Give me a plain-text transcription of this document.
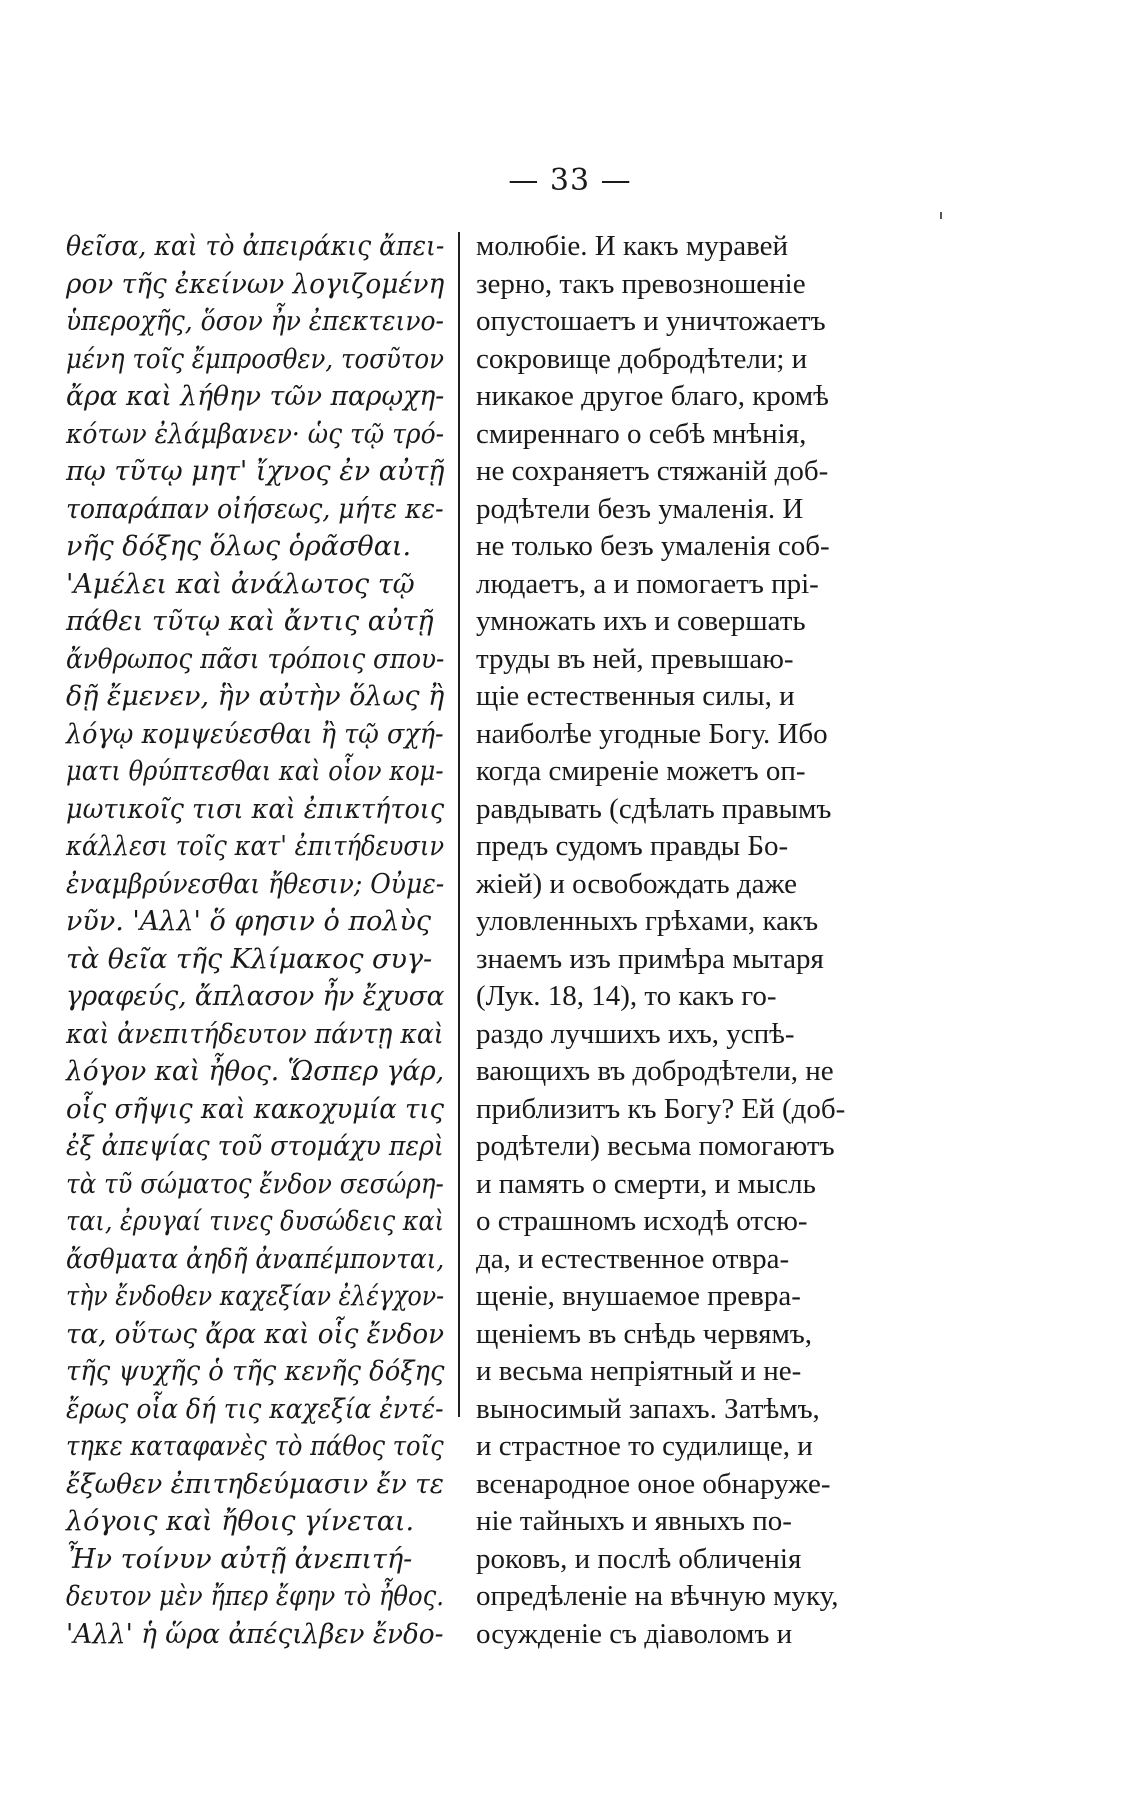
— 33 —
θεῖσα, καὶ τὸ ἀπειράκις ἄπει-
ρον τῆς ἐκείνων λογιζομένη
ὑπεροχῆς, ὅσον ἦν ἐπεκτεινο-
μένη τοῖς ἔμπροσθεν, τοσῦτον
ἄρα καὶ λήθην τῶν παρῳχη-
κότων ἐλάμβανεν· ὡς τῷ τρό-
πῳ τῦτῳ μητ' ἴχνος ἐν αὐτῇ
τοπαράπαν οἰήσεως, μήτε κε-
νῆς δόξης ὅλως ὁρᾶσθαι.
'Αμέλει καὶ ἀνάλωτος τῷ
πάθει τῦτῳ καὶ ἄντις αὐτῇ
ἄνθρωπος πᾶσι τρόποις σπου-
δῇ ἔμενεν, ἣν αὐτὴν ὅλως ἢ
λόγῳ κομψεύεσθαι ἢ τῷ σχή-
ματι θρύπτεσθαι καὶ οἷον κομ-
μωτικοῖς τισι καὶ ἐπικτήτοις
κάλλεσι τοῖς κατ' ἐπιτήδευσιν
ἐναμβρύνεσθαι ἤθεσιν; Οὐμε-
νῦν. 'Αλλ' ὅ φησιν ὁ πολὺς
τὰ θεῖα τῆς Κλίμακος συγ-
γραφεύς, ἄπλασον ἦν ἔχυσα
καὶ ἀνεπιτήδευτον πάντῃ καὶ
λόγον καὶ ἦθος. Ὥσπερ γάρ,
οἷς σῆψις καὶ κακοχυμία τις
ἐξ ἀπεψίας τοῦ στομάχυ περὶ
τὰ τῦ σώματος ἔνδον σεσώρη-
ται, ἐρυγαί τινες δυσώδεις καὶ
ἄσθματα ἀηδῆ ἀναπέμπονται,
τὴν ἔνδοθεν καχεξίαν ἐλέγχον-
τα, οὕτως ἄρα καὶ οἷς ἔνδον
τῆς ψυχῆς ὁ τῆς κενῆς δόξης
ἔρως οἷα δή τις καχεξία ἐντέ-
τηκε καταφανὲς τὸ πάθος τοῖς
ἔξωθεν ἐπιτηδεύμασιν ἔν τε
λόγοις καὶ ἤθοις γίνεται.
Ἦν τοίνυν αὐτῇ ἀνεπιτή-
δευτον μὲν ἤπερ ἔφην τὸ ἦθος.
'Αλλ' ἡ ὥρα ἀπέςιλβεν ἔνδο-
молюбіе. И какъ муравей
зерно, такъ превозношеніе
опустошаетъ и уничтожаетъ
сокровище добродѣтели; и
никакое другое благо, кромѣ
смиреннаго о себѣ мнѣнія,
не сохраняетъ стяжаній доб-
родѣтели безъ умаленія. И
не только безъ умаленія соб-
людаетъ, а и помогаетъ прі-
умножать ихъ и совершать
труды въ ней, превышаю-
щіе естественныя силы, и
наиболѣе угодные Богу. Ибо
когда смиреніе можетъ оп-
равдывать (сдѣлать правымъ
предъ судомъ правды Бо-
жіей) и освобождать даже
уловленныхъ грѣхами, какъ
знаемъ изъ примѣра мытаря
(Лук. 18, 14), то какъ го-
раздо лучшихъ ихъ, успѣ-
вающихъ въ добродѣтели, не
приблизитъ къ Богу? Ей (доб-
родѣтели) весьма помогаютъ
и память о смерти, и мысль
о страшномъ исходѣ отсю-
да, и естественное отвра-
щеніе, внушаемое превра-
щеніемъ въ снѣдь червямъ,
и весьма непріятный и не-
выносимый запахъ. Затѣмъ,
и страстное то судилище, и
всенародное оное обнаруже-
ніе тайныхъ и явныхъ по-
роковъ, и послѣ обличенія
опредѣленіе на вѣчную муку,
осужденіе съ діаволомъ и
